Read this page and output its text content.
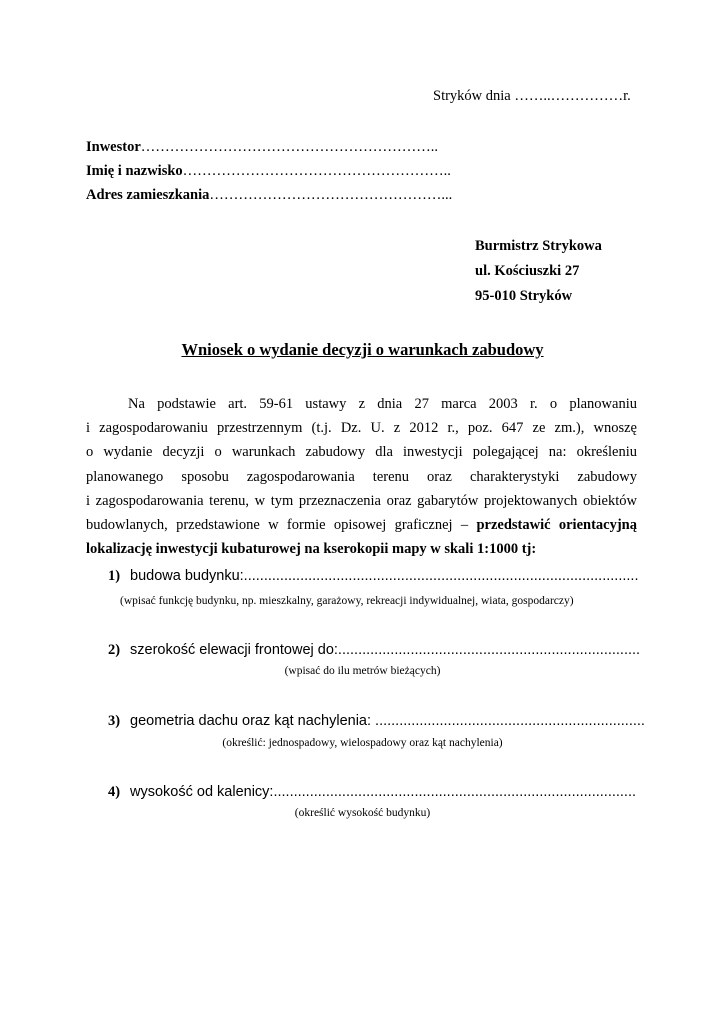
Stryków dnia ……..……………r.
Inwestor……………………………………………………..
Imię i nazwisko………………………………………………..
Adres zamieszkania…………………………………………...
Burmistrz Strykowa
ul. Kościuszki 27
95-010 Stryków
Wniosek o wydanie decyzji o warunkach zabudowy
Na podstawie art. 59-61 ustawy z dnia 27 marca 2003 r. o planowaniu
i zagospodarowaniu przestrzennym (t.j. Dz. U. z 2012 r., poz. 647 ze zm.), wnoszę
o wydanie decyzji o warunkach zabudowy dla inwestycji polegającej na: określeniu
planowanego sposobu zagospodarowania terenu oraz charakterystyki zabudowy
i zagospodarowania terenu, w tym przeznaczenia oraz gabarytów projektowanych obiektów
budowlanych, przedstawione w formie opisowej graficznej – przedstawić orientacyjną
lokalizację inwestycji kubaturowej na kserokopii mapy w skali 1:1000 tj:
1) budowa budynku:..................................................................................................
(wpisać funkcję budynku, np. mieszkalny, garażowy, rekreacji indywidualnej, wiata, gospodarczy)
2) szerokość elewacji frontowej do:...........................................................................
(wpisać do ilu metrów bieżących)
3) geometria dachu oraz kąt nachylenia: ...................................................................
(określić: jednospadowy, wielospadowy oraz kąt nachylenia)
4) wysokość od kalenicy:..........................................................................................
(określić wysokość budynku)
